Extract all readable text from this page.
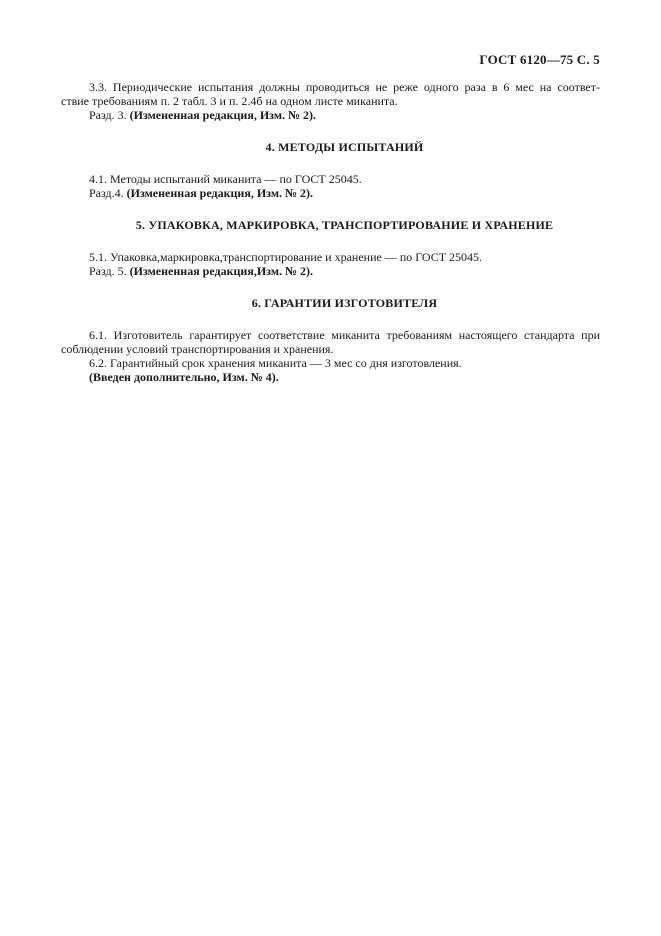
ГОСТ 6120—75 С. 5

3.3. Периодические испытания должны проводиться не реже одного раза в 6 мес на соответ-

ствие требованиям п. 2 табл. 3 и п. 2.4б на одном листе миканита.

Разд. 3. (Измененная редакция, Изм. № 2).

4. МЕТОДЫ ИСПЫТАНИЙ

4.1. Методы испытаний миканита — по ГОСТ 25045.

Разд.4. (Измененная редакция, Изм. № 2).

5. УПАКОВКА, МАРКИРОВКА, ТРАНСПОРТИРОВАНИЕ И ХРАНЕНИЕ

5.1. Упаковка,маркировка,транспортирование и хранение — по ГОСТ 25045.

Разд. 5. (Измененная редакция,Изм. № 2).

6. ГАРАНТИИ ИЗГОТОВИТЕЛЯ

6.1. Изготовитель гарантирует соответствие миканита требованиям настоящего стандарта при

соблюдении условий транспортирования и хранения.

6.2. Гарантийный срок хранения миканита — 3 мес со дня изготовления.

(Введен дополнительно, Изм. № 4).
